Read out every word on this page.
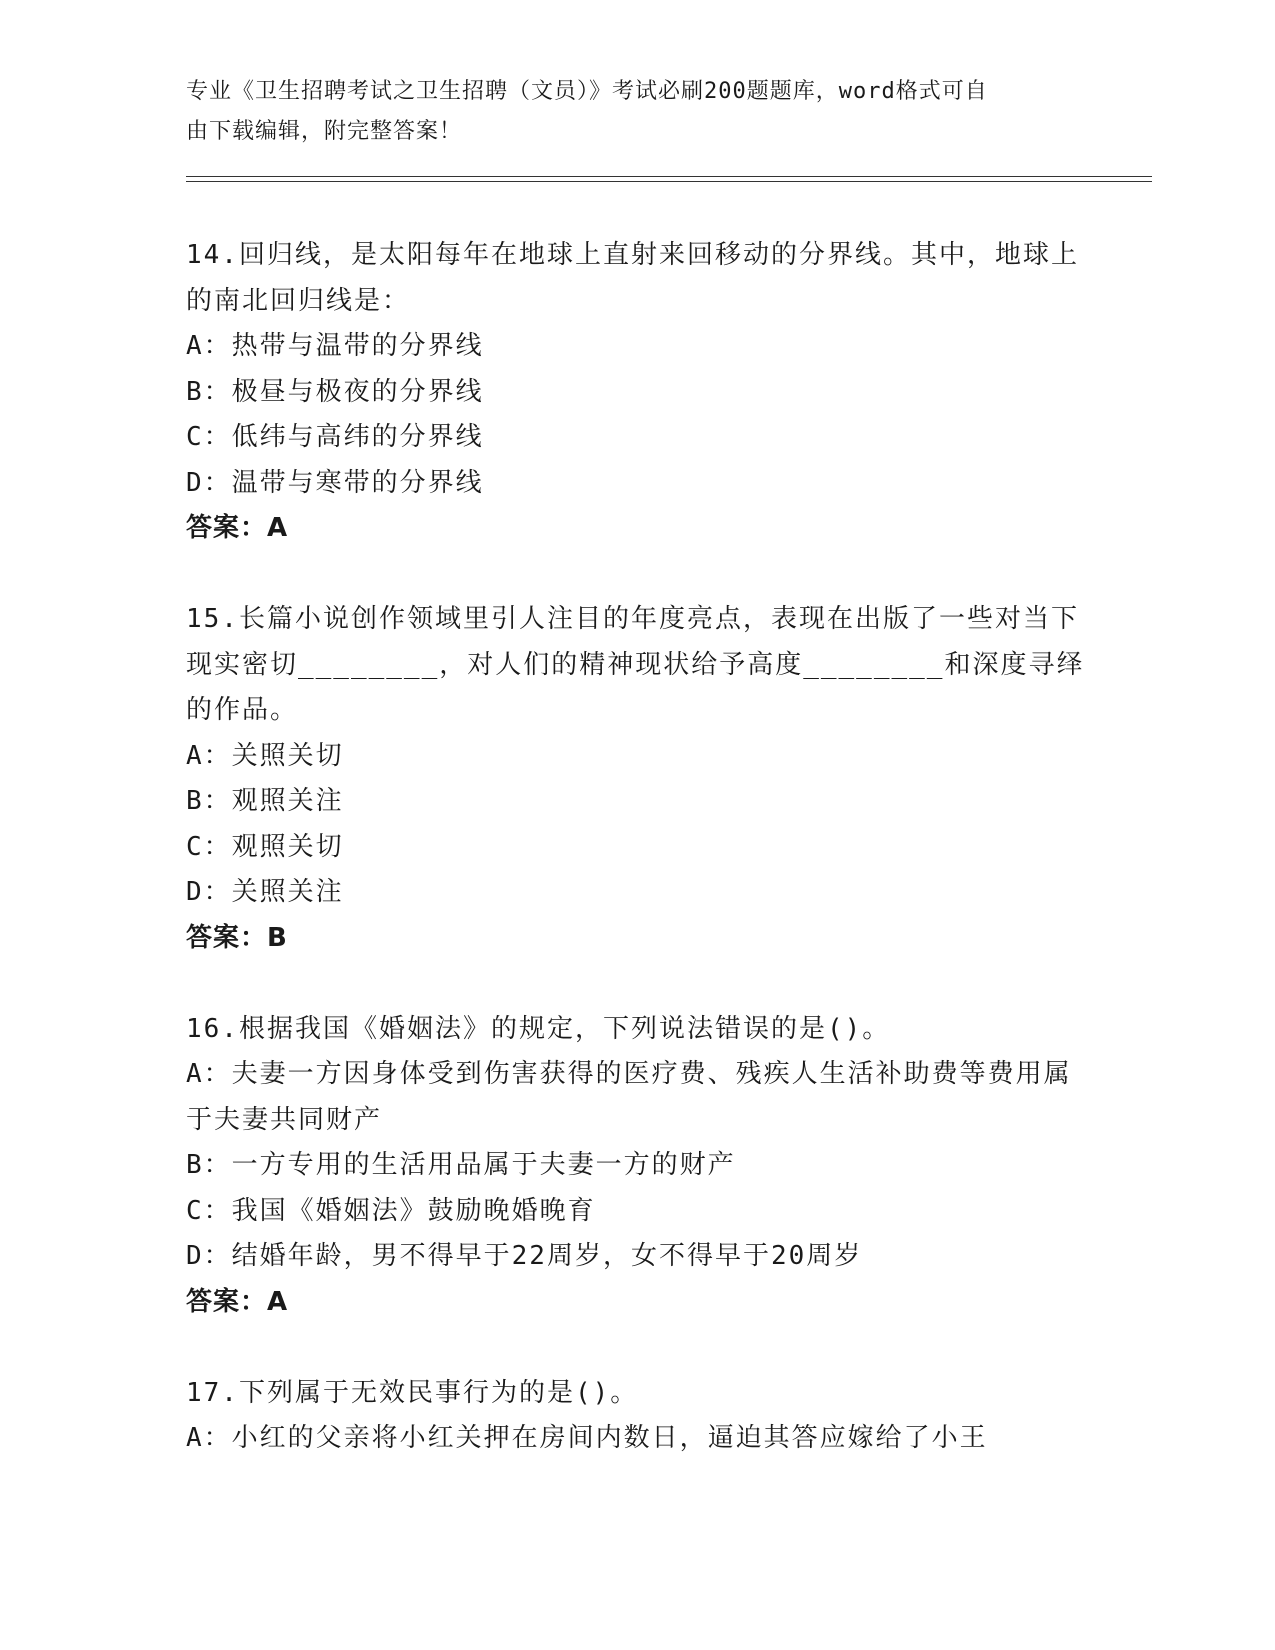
专业《卫生招聘考试之卫生招聘（文员）》考试必刷200题题库，word格式可自
由下载编辑，附完整答案！
14.回归线，是太阳每年在地球上直射来回移动的分界线。其中，地球上的南北回归线是：
A：热带与温带的分界线
B：极昼与极夜的分界线
C：低纬与高纬的分界线
D：温带与寒带的分界线
答案：A
15.长篇小说创作领域里引人注目的年度亮点，表现在出版了一些对当下现实密切________，对人们的精神现状给予高度________和深度寻绎的作品。
A：关照关切
B：观照关注
C：观照关切
D：关照关注
答案：B
16.根据我国《婚姻法》的规定，下列说法错误的是()。
A：夫妻一方因身体受到伤害获得的医疗费、残疾人生活补助费等费用属于夫妻共同财产
B：一方专用的生活用品属于夫妻一方的财产
C：我国《婚姻法》鼓励晚婚晚育
D：结婚年龄，男不得早于22周岁，女不得早于20周岁
答案：A
17.下列属于无效民事行为的是()。
A：小红的父亲将小红关押在房间内数日，逼迫其答应嫁给了小王
